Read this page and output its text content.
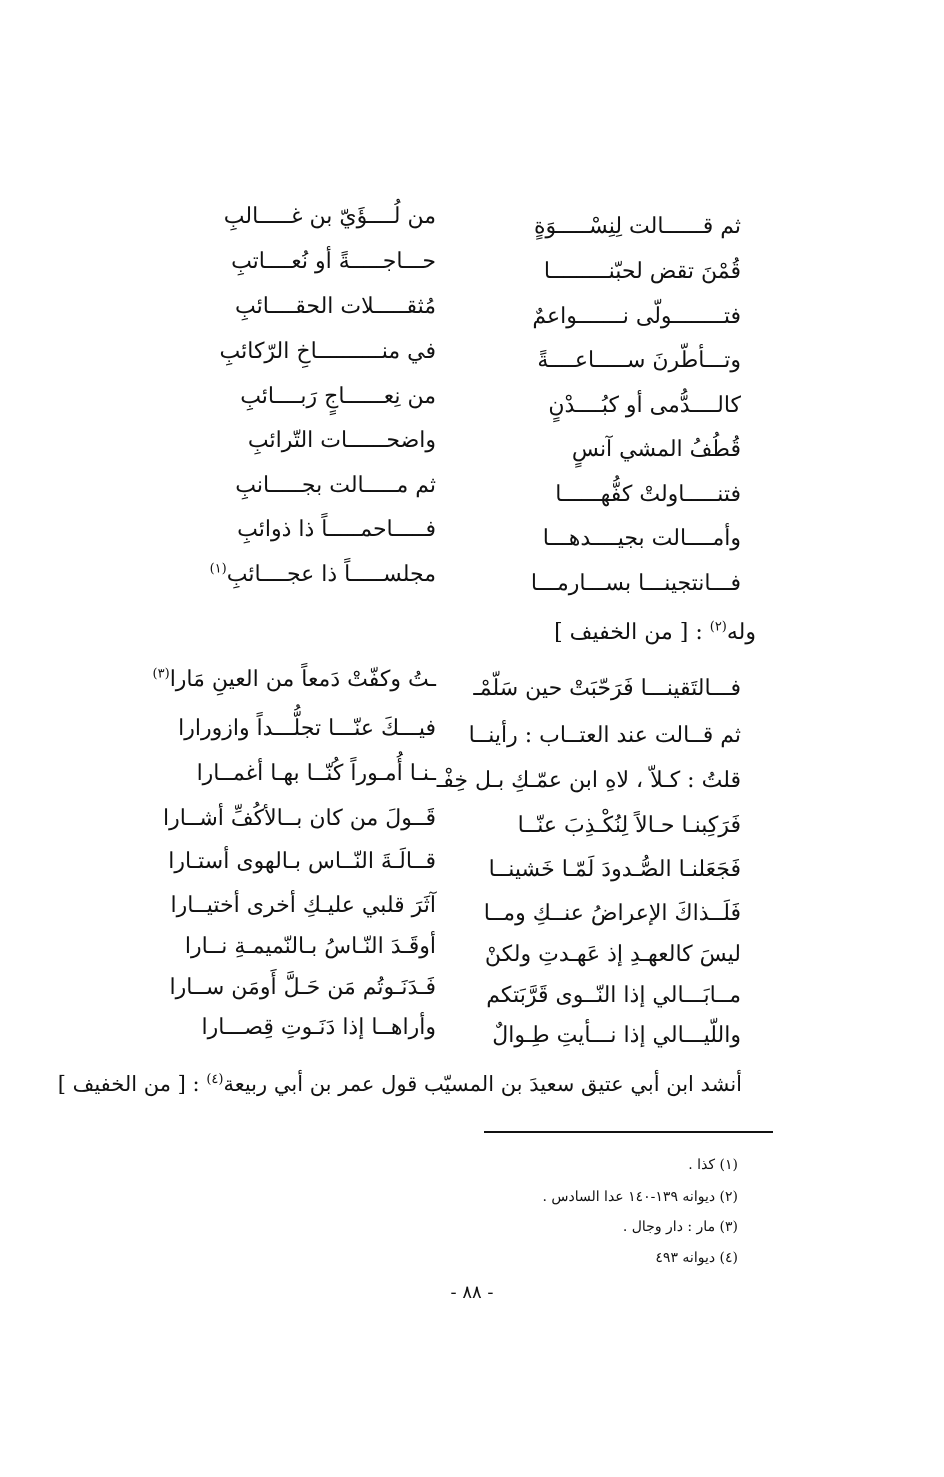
ثم قــــــالت لِنِسْـــــوَةٍ
من لُــــؤَيّ بن غـــــالبِ
قُمْنَ تقض لحبّنـــــــــا
حـــاجـــــةً أو نُعــــاتبِ
فتــــــــولّى نـــــــواعمٌ
مُثقـــــلات الحقــــائبِ
وتـــأطّرنَ ســـــاعــــةً
في منــــــــــاخِ الرّكائبِ
كالــــدُّمى أو كبُــــدْنٍ
من نِعــــــاجٍ رَبــــائبِ
قُطُفُ المشي آنسٍ
واضحــــــات التّرائبِ
فتنـــــاولتْ كفُّهــــــا
ثم مـــــالت بجـــــانبِ
وأمــــالت بجيــــدهـــا
فـــــاحمـــــاً ذا ذوائبِ
فـــانتجينـــا بســـارمـــا
مجلســـــاً ذا عجــــائبِ$^{(١)}$
وله$^{(٢)}$ : [ من الخفيف ]
فـــالتَقينـــا فَرَحّبَتْ حين سَلّمْـ
ـتُ وكفّتْ دَمعاً من العينِ مَارا$^{(٣)}$
ثم قــالت عند العتــاب : رأينــا
فيـــكَ عنّـــا تجلُّـــداً وازورارا
قلتُ : كـلاّ ، لاهِ ابن عمّـكِ بـل خِفْـ
ـنـا أُمـوراً كُنّــا بهـا أغمــارا
فَرَكِبنـا حـالاً لِنُكْـذِبَ عنّــا
قَــولَ من كان بــالأكُفِّ أشــارا
فَجَعَلنـا الصُّـدودَ لَمّـا خَشينــا
قــالَـةَ النّــاس بـالهوى أستـارا
فَلَــذاكَ الإعراضُ عنــكِ ومــا
آثَرَ قلبي عليـكِ أخرى أختيــارا
ليسَ كالعهـدِ إذ عَهـدتِ ولكنْ
أوقَـدَ النّـاسُ بـالنّميمـةِ نــارا
مــابَـــالي إذا النّــوى قَرَّبَتكم
فَـدَنَـوتُم مَن حَـلَّ أَومَن ســارا
واللّيـــالي إذا نـــأيتِ طِـوالٌ
وأراهــا إذا دَنَـوتِ قِصـــارا
أنشد ابن أبي عتيق سعيدَ بن المسيّب قول عمر بن أبي ربيعة$^{(٤)}$ : [ من الخفيف ]
(١) كذا .
(٢) ديوانه ١٣٩-١٤٠ عدا السادس .
(٣) مار : دار وجال .
(٤) ديوانه ٤٩٣
- ٨٨ -
